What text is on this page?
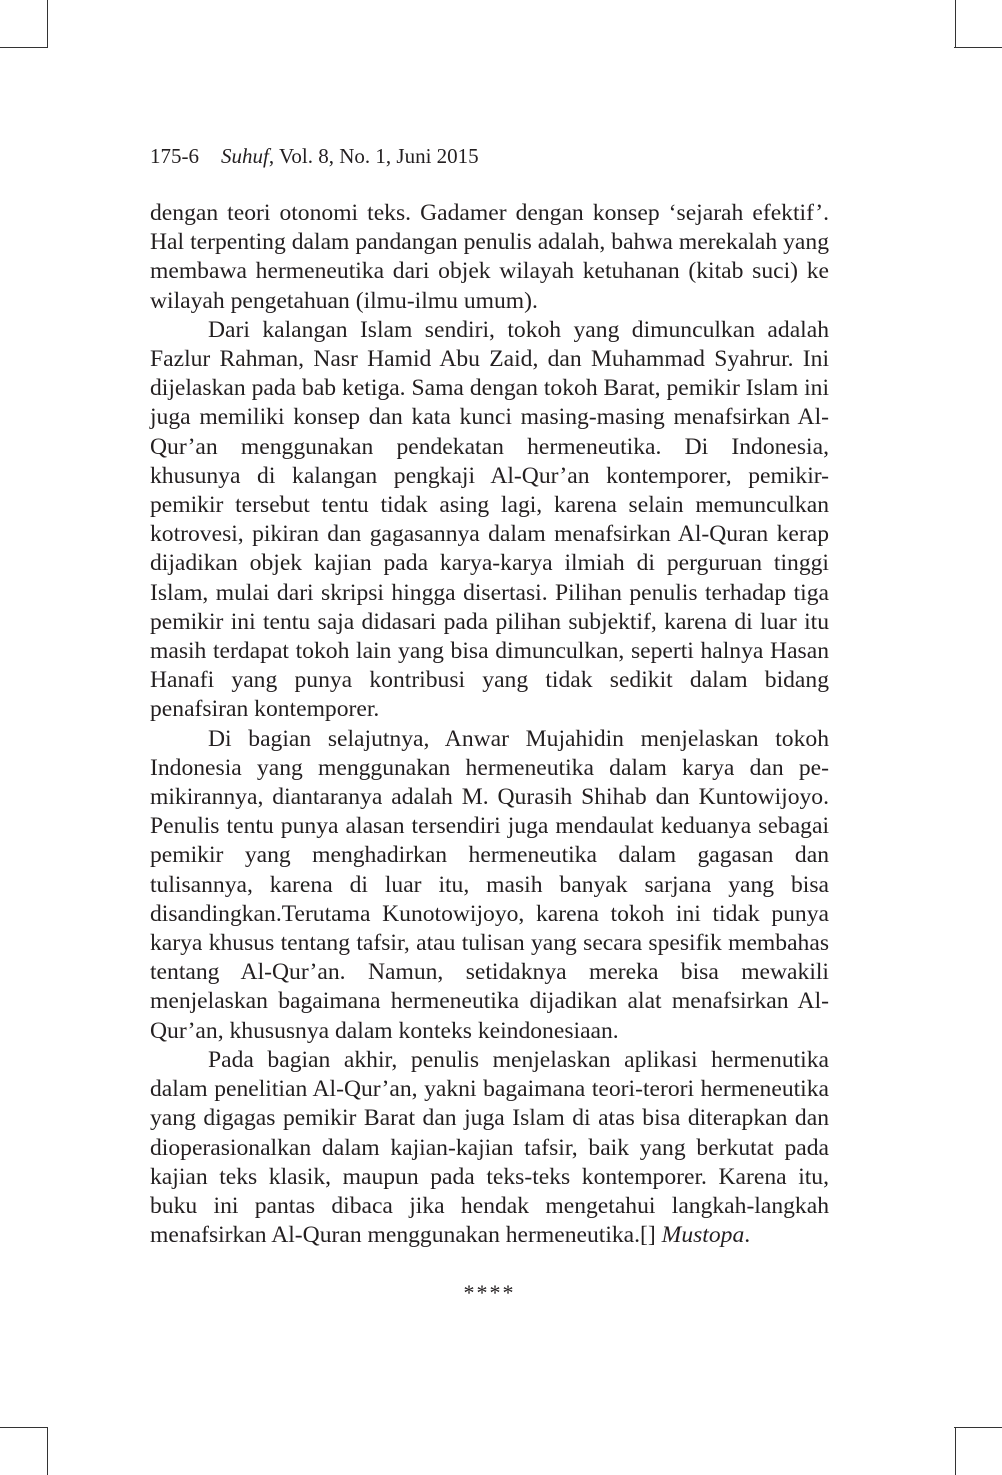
175-6 Suhuf, Vol. 8, No. 1, Juni 2015

dengan teori otonomi teks. Gadamer dengan konsep ‘sejarah efektif’. Hal terpenting dalam pandangan penulis adalah, bahwa merekalah yang membawa hermeneutika dari objek wilayah ketuhanan (kitab suci) ke wilayah pengetahuan (ilmu-ilmu umum).

Dari kalangan Islam sendiri, tokoh yang dimunculkan adalah Fazlur Rahman, Nasr Hamid Abu Zaid, dan Muhammad Syahrur. Ini dijelaskan pada bab ketiga. Sama dengan tokoh Barat, pemikir Islam ini juga memiliki konsep dan kata kunci masing-masing menafsirkan Al-Qur’an menggunakan pendekatan hermeneutika. Di Indonesia, khusunya di kalangan pengkaji Al-Qur’an kontemporer, pemikir-pemikir tersebut tentu tidak asing lagi, karena selain memunculkan kotrovesi, pikiran dan gagasannya dalam menafsirkan Al-Quran kerap dijadikan objek kajian pada karya-karya ilmiah di perguruan tinggi Islam, mulai dari skripsi hingga disertasi. Pilihan penulis terhadap tiga pemikir ini tentu saja didasari pada pilihan subjektif, karena di luar itu masih terdapat tokoh lain yang bisa dimunculkan, seperti halnya Hasan Hanafi yang punya kontribusi yang tidak sedikit dalam bidang penafsiran kontemporer.

Di bagian selajutnya, Anwar Mujahidin menjelaskan tokoh Indonesia yang menggunakan hermeneutika dalam karya dan pemikirannya, diantaranya adalah M. Qurasih Shihab dan Kuntowijoyo. Penulis tentu punya alasan tersendiri juga mendaulat keduanya sebagai pemikir yang menghadirkan hermeneutika dalam gagasan dan tulisannya, karena di luar itu, masih banyak sarjana yang bisa disandingkan.Terutama Kunotowijoyo, karena tokoh ini tidak punya karya khusus tentang tafsir, atau tulisan yang secara spesifik membahas tentang Al-Qur’an. Namun, setidaknya mereka bisa mewakili menjelaskan bagaimana hermeneutika dijadikan alat menafsirkan Al-Qur’an, khususnya dalam konteks keindonesiaan.

Pada bagian akhir, penulis menjelaskan aplikasi hermenutika dalam penelitian Al-Qur’an, yakni bagaimana teori-terori hermeneutika yang digagas pemikir Barat dan juga Islam di atas bisa diterapkan dan dioperasionalkan dalam kajian-kajian tafsir, baik yang berkutat pada kajian teks klasik, maupun pada teks-teks kontemporer. Karena itu, buku ini pantas dibaca jika hendak mengetahui langkah-langkah menafsirkan Al-Quran menggunakan hermeneutika.[] Mustopa.

****
